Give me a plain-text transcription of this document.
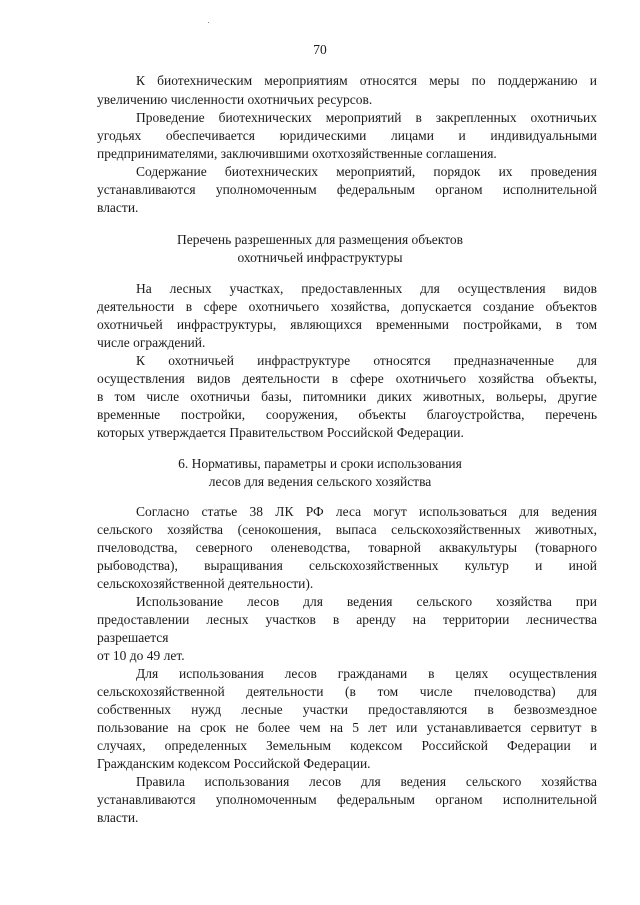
70
К биотехническим мероприятиям относятся меры по поддержанию и
увеличению численности охотничьих ресурсов.
Проведение биотехнических мероприятий в закрепленных охотничьих
угодьях обеспечивается юридическими лицами и индивидуальными
предпринимателями, заключившими охотхозяйственные соглашения.
Содержание биотехнических мероприятий, порядок их проведения
устанавливаются уполномоченным федеральным органом исполнительной
власти.
Перечень разрешенных для размещения объектов
охотничьей инфраструктуры
На лесных участках, предоставленных для осуществления видов
деятельности в сфере охотничьего хозяйства, допускается создание объектов
охотничьей инфраструктуры, являющихся временными постройками, в том
числе ограждений.
К охотничьей инфраструктуре относятся предназначенные для
осуществления видов деятельности в сфере охотничьего хозяйства объекты,
в том числе охотничьи базы, питомники диких животных, вольеры, другие
временные постройки, сооружения, объекты благоустройства, перечень
которых утверждается Правительством Российской Федерации.
6. Нормативы, параметры и сроки использования
лесов для ведения сельского хозяйства
Согласно статье 38 ЛК РФ леса могут использоваться для ведения
сельского хозяйства (сенокошения, выпаса сельскохозяйственных животных,
пчеловодства, северного оленеводства, товарной аквакультуры (товарного
рыбоводства), выращивания сельскохозяйственных культур и иной
сельскохозяйственной деятельности).
Использование лесов для ведения сельского хозяйства при
предоставлении лесных участков в аренду на территории лесничества
разрешается
от 10 до 49 лет.
Для использования лесов гражданами в целях осуществления
сельскохозяйственной деятельности (в том числе пчеловодства) для
собственных нужд лесные участки предоставляются в безвозмездное
пользование на срок не более чем на 5 лет или устанавливается сервитут в
случаях, определенных Земельным кодексом Российской Федерации и
Гражданским кодексом Российской Федерации.
Правила использования лесов для ведения сельского хозяйства
устанавливаются уполномоченным федеральным органом исполнительной
власти.
